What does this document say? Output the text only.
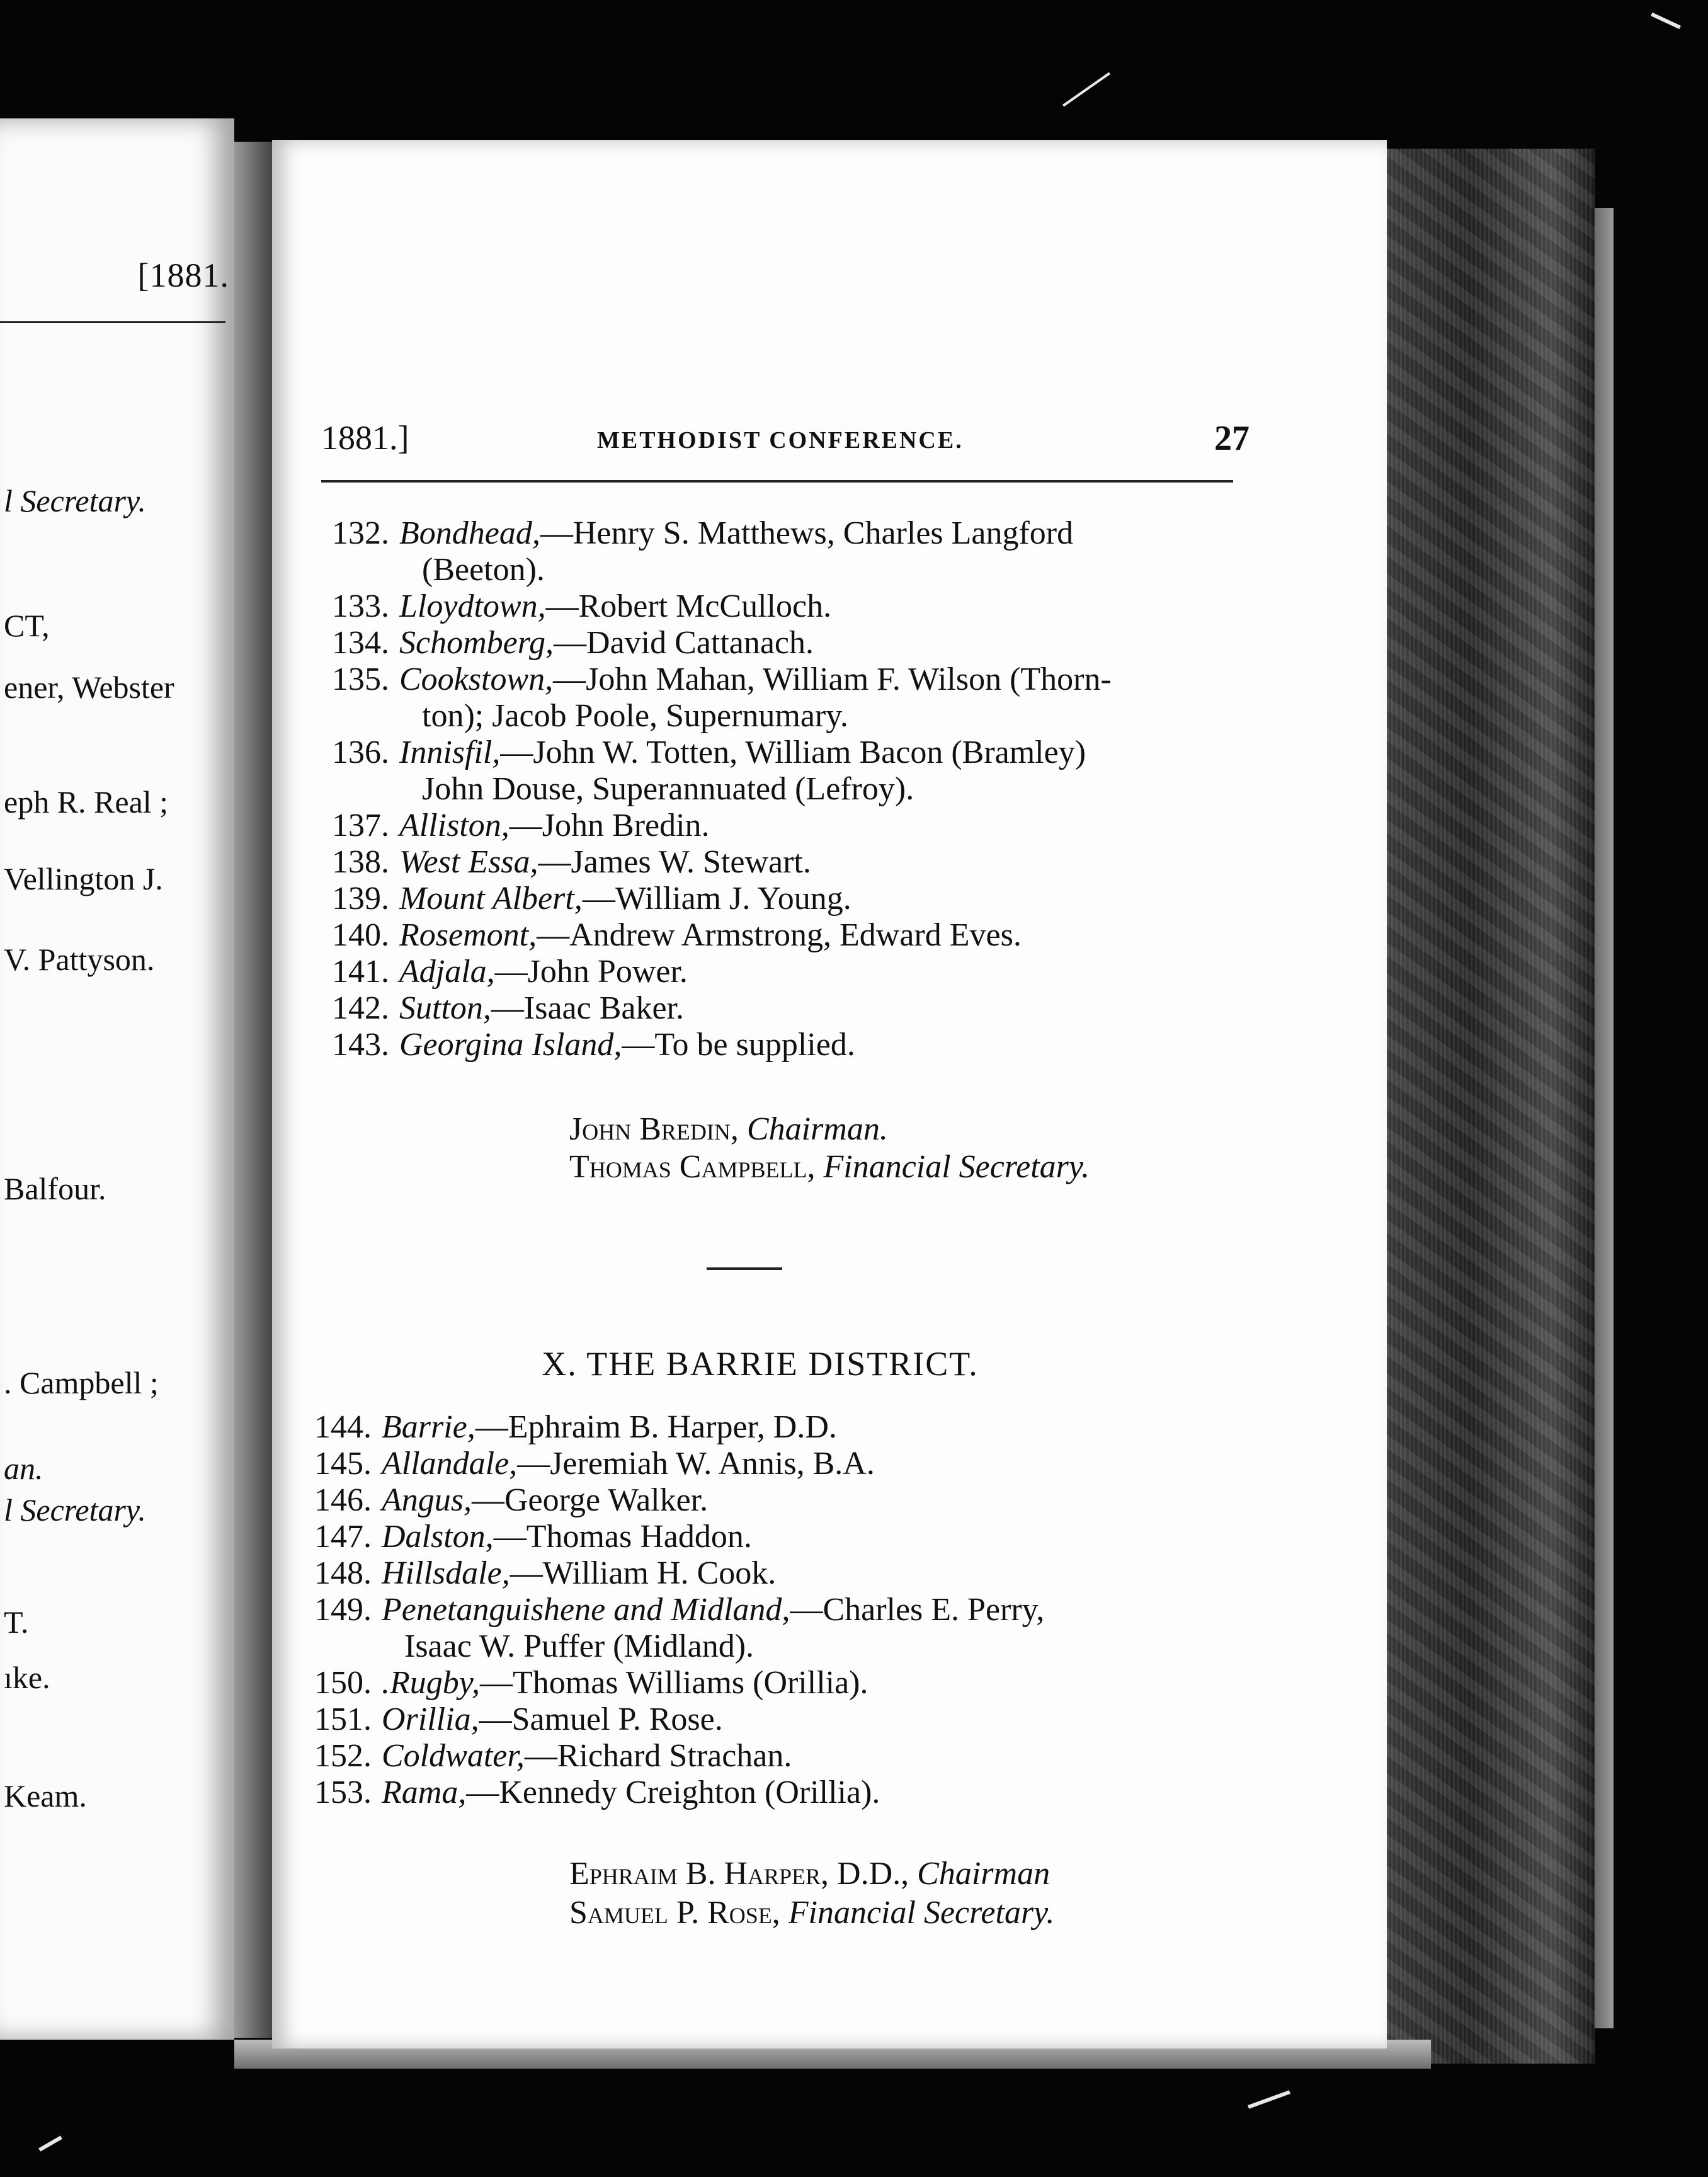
[1881.
l Secretary.
CT,
ener, Webster
eph R. Real ;
Vellington J.
V. Pattyson.
Balfour.
. Campbell ;
an.
l Secretary.
T.
ıke.
Keam.
1881.]	METHODIST CONFERENCE.	27
132. Bondhead,—Henry S. Matthews, Charles Langford
(Beeton).
133. Lloydtown,—Robert McCulloch.
134. Schomberg,—David Cattanach.
135. Cookstown,—John Mahan, William F. Wilson (Thorn-
ton); Jacob Poole, Supernumary.
136. Innisfil,—John W. Totten, William Bacon (Bramley)
John Douse, Superannuated (Lefroy).
137. Alliston,—John Bredin.
138. West Essa,—James W. Stewart.
139. Mount Albert,—William J. Young.
140. Rosemont,—Andrew Armstrong, Edward Eves.
141. Adjala,—John Power.
142. Sutton,—Isaac Baker.
143. Georgina Island,—To be supplied.
John Bredin, Chairman.
Thomas Campbell, Financial Secretary.
X. THE BARRIE DISTRICT.
144. Barrie,—Ephraim B. Harper, D.D.
145. Allandale,—Jeremiah W. Annis, B.A.
146. Angus,—George Walker.
147. Dalston,—Thomas Haddon.
148. Hillsdale,—William H. Cook.
149. Penetanguishene and Midland,—Charles E. Perry,
Isaac W. Puffer (Midland).
150. .Rugby,—Thomas Williams (Orillia).
151. Orillia,—Samuel P. Rose.
152. Coldwater,—Richard Strachan.
153. Rama,—Kennedy Creighton (Orillia).
Ephraim B. Harper, D.D., Chairman
Samuel P. Rose, Financial Secretary.
